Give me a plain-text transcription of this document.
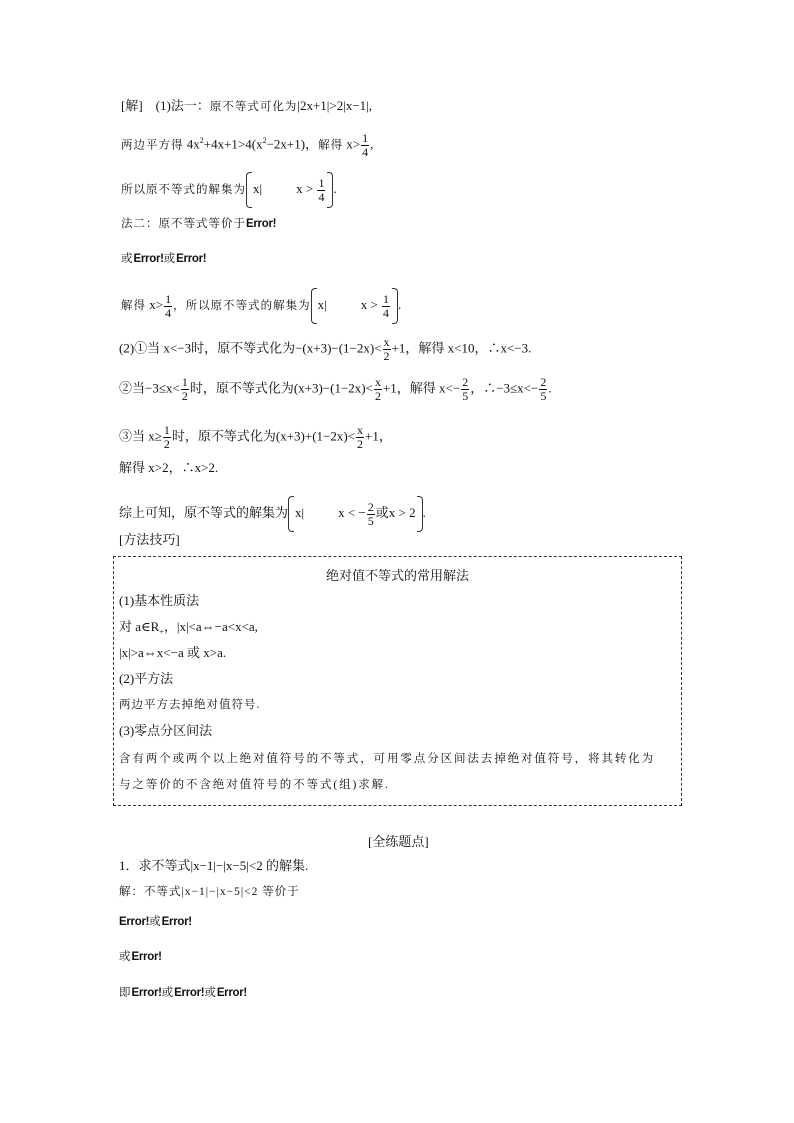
[解] (1)法一：原不等式可化为|2x+1|>2|x−1|,
两边平方得 $4x^2+4x+1>4(x^2-2x+1)$，解得 $x> \frac{1}{4}$ ,
所以原不等式的解集为 x|	$x > \frac{1}{4}$ .
法二：原不等式等价于Error!
或Error!或Error!
解得 $x> \frac{1}{4}$ ，所以原不等式的解集为 x|	$x > \frac{1}{4}$ .
(2)①当 x<−3时，原不等式化为$-(x+3)-(1-2x)< \frac{x}{2} +1$，解得 x<10，∴x<−3.
②当$-3\le x< \frac{1}{2}$ 时，原不等式化为$(x+3)-(1-2x)< \frac{x}{2} +1$，解得 $x<- \frac{2}{5}$ ，∴−3≤x<− $\frac{2}{5}$ .
③当 $x\ge \frac{1}{2}$ 时，原不等式化为$(x+3)+(1-2x)< \frac{x}{2} +1$，
解得 x>2，∴x>2.
综上可知，原不等式的解集为 x|	x < − $\frac{2}{5}$ 或x > 2 .
[方法技巧]
绝对值不等式的常用解法
(1)基本性质法
对 $a\in R_+$，|x|<a⇔−a<x<a,
|x|>a⇔x<−a 或 x>a.
(2)平方法
两边平方去掉绝对值符号.
(3)零点分区间法
含有两个或两个以上绝对值符号的不等式，可用零点分区间法去掉绝对值符号，将其转化为
与之等价的不含绝对值符号的不等式(组)求解.
[全练题点]
1．求不等式|x−1|−|x−5|<2 的解集.
解：不等式|x−1|−|x−5|<2 等价于
Error!或Error!
或Error!
即Error!或Error!或Error!
